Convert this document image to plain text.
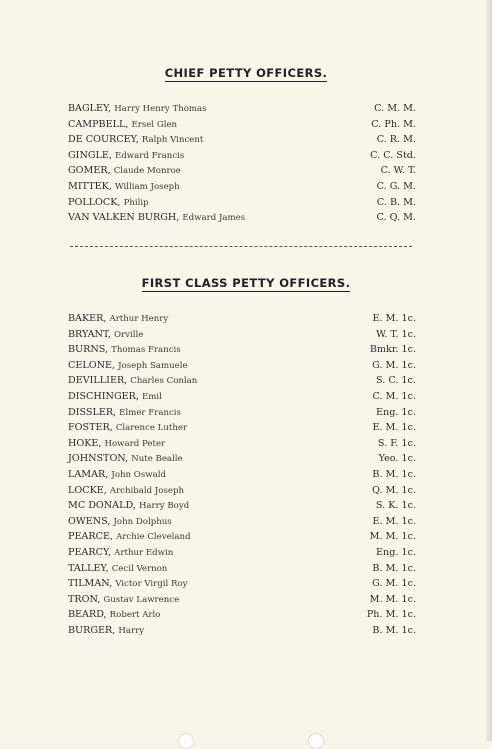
CHIEF PETTY OFFICERS.
BAGLEY, Harry Henry Thomas	C. M. M.
CAMPBELL, Ersel Glen	C. Ph. M.
DE COURCEY, Ralph Vincent	C. R. M.
GINGLE, Edward Francis	C. C. Std.
GOMER, Claude Monroe	C. W. T.
MITTEK, William Joseph	C. G. M.
POLLOCK, Philip	C. B. M.
VAN VALKEN BURGH, Edward James	C. Q. M.
FIRST CLASS PETTY OFFICERS.
BAKER, Arthur Henry	E. M. 1c.
BRYANT, Orville	W. T. 1c.
BURNS, Thomas Francis	Bmkr. 1c.
CELONE, Joseph Samuele	G. M. 1c.
DEVILLIER, Charles Conlan	S. C. 1c.
DISCHINGER, Emil	C. M. 1c.
DISSLER, Elmer Francis	Eng. 1c.
FOSTER, Clarence Luther	E. M. 1c.
HOKE, Howard Peter	S. F. 1c.
JOHNSTON, Nute Bealle	Yeo. 1c.
LAMAR, John Oswald	B. M. 1c.
LOCKE, Archibald Joseph	Q. M. 1c.
MC DONALD, Harry Boyd	S. K. 1c.
OWENS, John Dolphus	E. M. 1c.
PEARCE, Archie Cleveland	M. M. 1c.
PEARCY, Arthur Edwin	Eng. 1c.
TALLEY, Cecil Vernon	B. M. 1c.
TILMAN, Victor Virgil Roy	G. M. 1c.
TRON, Gustav Lawrence	M. M. 1c.
BEARD, Robert Arlo	Ph. M. 1c.
BURGER, Harry	B. M. 1c.
